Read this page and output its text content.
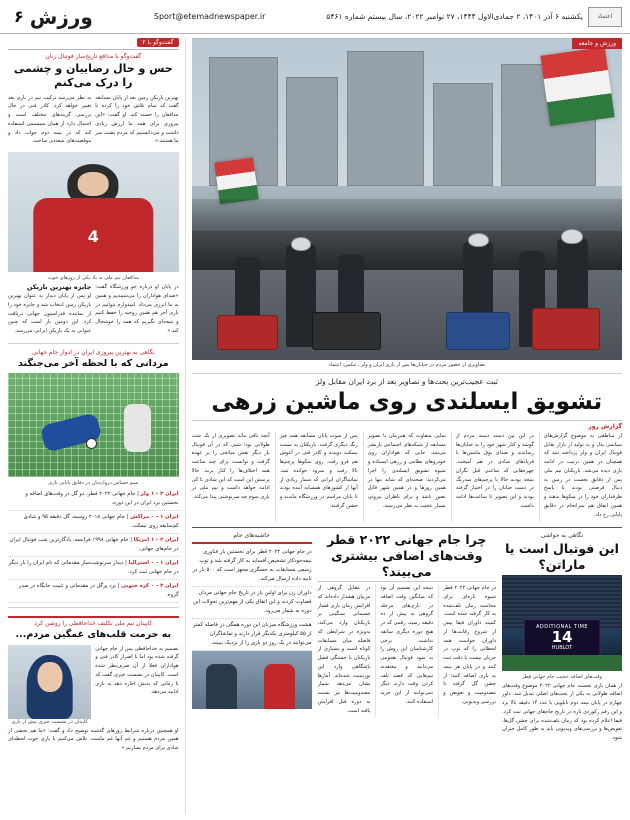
اعتماد
یکشنبه ۶ آذر ۱۴۰۱، ۲ جمادی‌الاول ۱۴۴۴، ۲۷ نوامبر ۲۰۲۲، سال بیستم شماره ۵۴۶۱
Sport@etemadnewspaper.ir
ورزش
۶
ورزش و جامعه
تصاویری از حضور مردم در خیابان‌ها پس از بازی ایران و ولز ـ عکس: اعتماد
ثبت عجیب‌ترین بحث‌ها و تصاویر بعد از برد ایران مقابل ولز
تشویق ایسلندی روی ماشین زرهی
گزارش روز

از مناطقی به موضوع گزارش‌های سیاسی بدل و به تولید از بازار تقابل فوتبال ایران و ولز پرداخته شد که همچنان در همین ترتیب در ادامه بازی دیده می‌شد. بازیکنان تیم ملی پس از دقایق نخست در زمین به دنبال فرصتی بودند تا پاسخ طرفداران خود را در سکوها بدهند و همین اتفاق هم سرانجام در دقایق پایانی رخ داد.

در این بین دسته دسته مردم از گوشه و کنار شهر خود را به خیابان‌ها رساندند و صدای بوق ماشین‌ها با فریادهای شادی در هم آمیخت. چهره‌هایی که ساعتی قبل نگران نتیجه بودند حالا با پرچم‌های سه‌رنگ در دست خیابان را در اختیار گرفته بودند و این تصویر تا ساعت‌ها ادامه داشت.

نمایی متفاوت که هم‌زمان با تصویر مسابقه از شبکه‌های اجتماعی بازنشر می‌شد، جایی که هواداران روی خودروهای نظامی و زرهی ایستاده و شیوه تشویق ایسلندی را اجرا می‌کردند؛ صحنه‌ای که شاید تنها در همین روزها و در همین شهر قابل تصور باشد و برای ناظران بیرونی بسیار عجیب به نظر می‌رسید.

پس از سوت پایان مسابقه همه چیز رنگ دیگری گرفت. بازیکنان به سمت نیمکت دویدند و کادر فنی در آغوش هم فرو رفت. روی سکوها پرچم‌ها بالا رفت و سرود خوانده شد. تماشاگران ایرانی که شمار زیادی از آنها از کشورهای همسایه آمده بودند تا پایان مراسم در ورزشگاه ماندند و جشن گرفتند.

آنچه باقی ماند تصویری از یک شب طولانی بود؛ شبی که در آن فوتبال بار دیگر نقش میانجی را بر عهده گرفت و توانست برای چند ساعت همه اختلاف‌ها را کنار بزند. حالا پرسش این است که این شادی تا کی ادامه خواهد داشت و تیم ملی در بازی سوم چه سرنوشتی پیدا می‌کند.

نگاهی به حواشی
این فوتبال است یا ماراتن؟
ADDITIONAL TIME
14
HUBLOT
وقت‌های اضافه عجیب جام جهانی قطر

از همان بازی نخست جام جهانی ۲۰۲۲ موضوع وقت‌های اضافه طولانی به یکی از بحث‌های اصلی تبدیل شد. داور چهارم در پایان نیمه دوم تابلویی با عدد ۱۴ دقیقه بالا برد و این رقم رکوردی تازه در تاریخ جام‌های جهانی ثبت کرد. فیفا اعلام کرده بود که زمان تلف‌شده برای جشن گل‌ها، تعویض‌ها و بررسی‌های ویدیویی باید به طور کامل جبران شود.

چرا جام جهانی ۲۰۲۲ قطر وقت‌های اضافی بیشتری می‌بیند؟

در جام جهانی ۲۰۲۲ قطر شیوه تازه‌ای برای محاسبه زمان تلف‌شده به کار گرفته شده است. کمیته داوران فیفا پیش از شروع رقابت‌ها از داوران خواست همه لحظاتی را که توپ در جریان نیست با دقت ثبت کنند و در پایان هر نیمه به بازی اضافه کنند؛ از جشن گل گرفته تا مصدومیت و تعویض و بررسی ویدیویی.

نتیجه این تصمیم آن بود که میانگین وقت اضافه در بازی‌های مرحله گروهی به بیش از ده دقیقه رسید، رقمی که در هیچ دوره دیگری سابقه نداشت. برخی کارشناسان این روش را به سود فوتبال هجومی می‌دانند و معتقدند تیم‌هایی که قصد تلف کردن وقت دارند دیگر نمی‌توانند از این حربه استفاده کنند.

در مقابل گروهی از مربیان هشدار داده‌اند که افزایش زمان بازی فشار جسمانی سنگینی بر بازیکنان وارد می‌کند، به‌ویژه در شرایطی که فاصله میان مسابقات کوتاه است و بسیاری از بازیکنان با خستگی فصل باشگاهی وارد این تورنمنت شده‌اند. آمارها نشان می‌دهد شمار مصدومیت‌ها نیز نسبت به دوره قبل افزایش یافته است.

حاشیه‌های جام
در جام جهانی ۲۰۲۲ قطر برای نخستین بار فناوری نیمه‌خودکار تشخیص آفساید به کار گرفته شد و توپ رسمی مسابقات به حسگری مجهز است که ۵۰۰ بار در ثانیه داده ارسال می‌کند.
داوران زن برای اولین بار در تاریخ جام جهانی مردان قضاوت کردند و این اتفاق یکی از مهم‌ترین تحولات این دوره به شمار می‌رود.
هشت ورزشگاه میزبان این دوره همگی در فاصله کمتر از ۵۵ کیلومتری یکدیگر قرار دارند و تماشاگران می‌توانند در یک روز دو بازی را از نزدیک ببینند.
گفت‌وگو با ۲
گفت‌وگو با مدافع تاریخ‌ساز فوتبال زنان
حس و حال رضاییان و چشمی را درک می‌کنم

بهترین بازیکن زمین بعد از پایان مسابقه گفت که تمام تلاش خود را کرده تا مدافعان را خسته کند. او گفت: «این پیروزی برای همه ما ارزش زیادی داشت و می‌دانستیم که مردم پشت سر ما هستند.»

به نظر می‌رسد ترکیب تیم در بازی بعد تغییر خواهد کرد. کادر فنی در حال بررسی گزینه‌های مختلف است و احتمال دارد از همان سیستمی استفاده کند که در نیمه دوم جواب داد و موقعیت‌های متعددی ساخت.

4
مدافعان تیم ملی به یاد یکی از روزهای خوب

در پایان او درباره جو ورزشگاه گفت: «صدای هواداران را می‌شنیدیم و همین به ما انرژی می‌داد. امیدوارم بتوانیم در بازی آخر هم همین روحیه را حفظ کنیم و نتیجه‌ای بگیریم که همه را خوشحال کند.»

جایزه بهترین بازیکن

او پس از پایان دیدار به عنوان بهترین بازیکن زمین انتخاب شد و جایزه خود را از نماینده فدراسیون جهانی دریافت کرد. این دومین بار است که چنین عنوانی به یک بازیکن ایرانی می‌رسد.

نگاهی به بهترین پیروزی ایران در ادوار جام جهانی
مردانی که با لحظه آخر می‌جنگند
سیو حساس دروازه‌بان در دقایق پایانی بازی
ایران ۲ - ۱ ولز | جام جهانی ۲۰۲۲ قطر، دو گل در وقت‌های اضافه و نخستین برد ایران در این دوره.
ایران ۱ - ۰ مراکش | جام جهانی ۲۰۱۸ روسیه، گل دقیقه ۹۵ و شادی کم‌سابقه روی نیمکت.
ایران ۲ - ۱ امریکا | جام جهانی ۱۹۹۸ فرانسه، یادگارترین شب فوتبال ایران در جام‌های جهانی.
ایران ۱ - ۰ استرالیا | دیدار سرنوشت‌ساز مقدماتی که نام ایران را بار دیگر در جام جهانی ثبت کرد.
ایران ۳ - ۰ کره جنوبی | برد پرگل در مقدماتی و تثبیت جایگاه در صدر گروه.
کاپیتان تیم ملی تکلیف خداحافظی را روشن کرد
به حرمت قلب‌های غمگین مردم...

تصمیم به خداحافظی پس از جام جهانی گرفته شده بود اما با اصرار کادر فنی و هواداران فعلا از آن صرف‌نظر شده است. کاپیتان در نشست خبری گفت که تا زمانی که بدنش اجازه دهد به بازی ادامه می‌دهد.

کاپیتان در نشست خبری پیش از بازی

او همچنین درباره شرایط روزهای گذشته توضیح داد و گفت: «ما هم بخشی از همین مردم هستیم و غم آنها غم ماست. تلاش می‌کنیم با بازی خوب لحظه‌ای شادی برای مردم بسازیم.»
